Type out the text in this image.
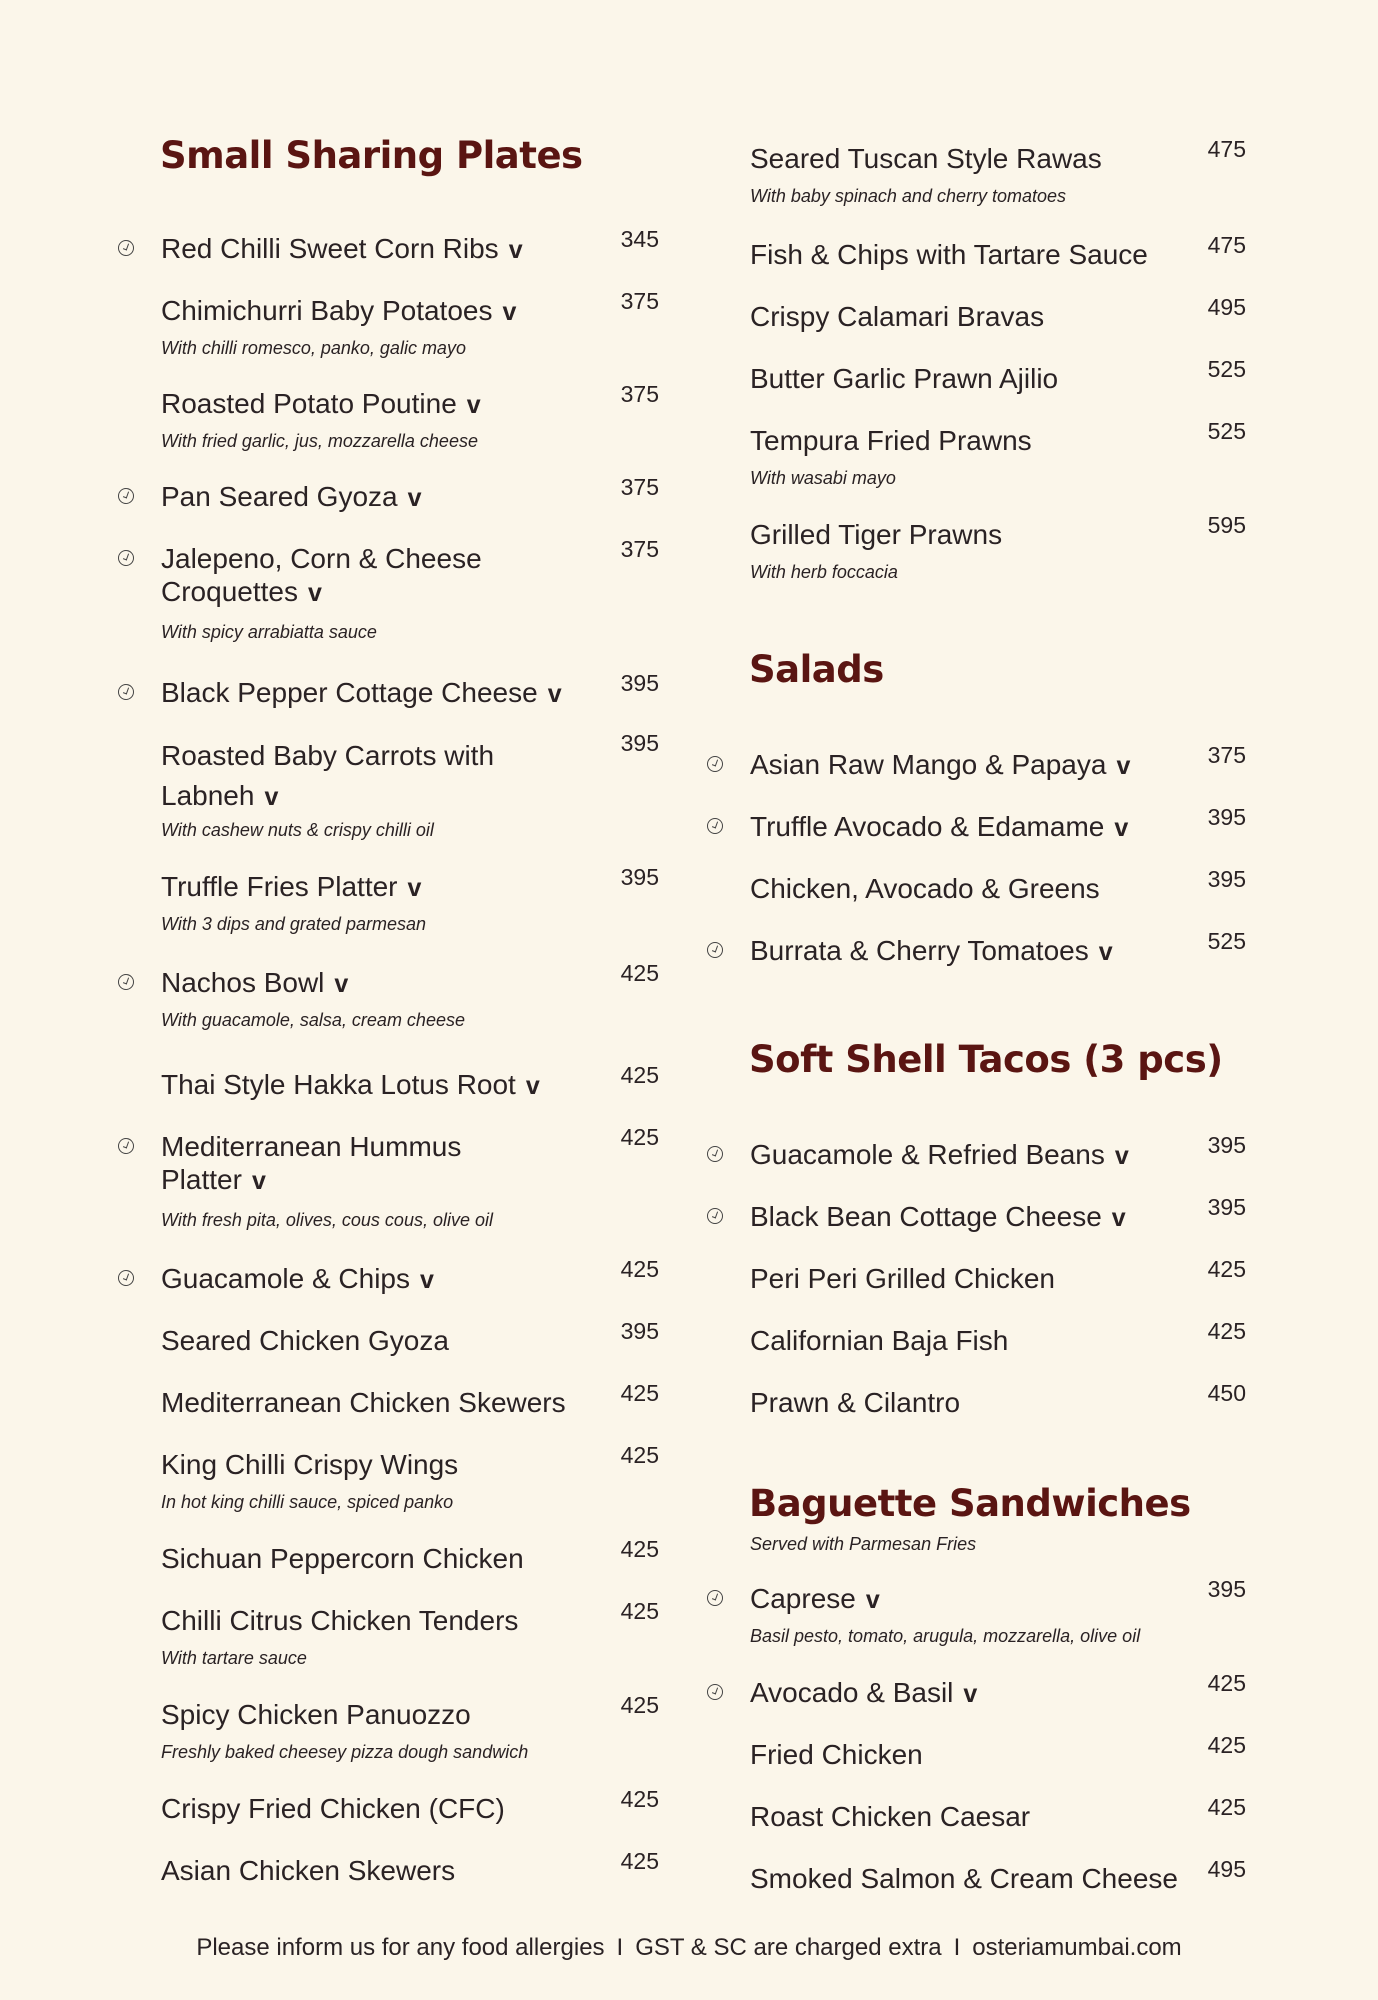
Small Sharing Plates
Red Chilli Sweet Corn Ribs v	345
Chimichurri Baby Potatoes v	375
With chilli romesco, panko, galic mayo
Roasted Potato Poutine v	375
With fried garlic, jus, mozzarella cheese
Pan Seared Gyoza v	375
Jalepeno, Corn & Cheese Croquettes v
375
With spicy arrabiatta sauce
Black Pepper Cottage Cheese v	395
Roasted Baby Carrots with Labneh v
395
With cashew nuts & crispy chilli oil
Truffle Fries Platter v	395
With 3 dips and grated parmesan
Nachos Bowl v	425
With guacamole, salsa, cream cheese
Thai Style Hakka Lotus Root v	425
Mediterranean Hummus Platter v
425
With fresh pita, olives, cous cous, olive oil
Guacamole & Chips v	425
Seared Chicken Gyoza	395
Mediterranean Chicken Skewers	425
King Chilli Crispy Wings	425
In hot king chilli sauce, spiced panko
Sichuan Peppercorn Chicken	425
Chilli Citrus Chicken Tenders	425
With tartare sauce
Spicy Chicken Panuozzo	425
Freshly baked cheesey pizza dough sandwich
Crispy Fried Chicken (CFC)	425
Asian Chicken Skewers	425
Seared Tuscan Style Rawas	475
With baby spinach and cherry tomatoes
Fish & Chips with Tartare Sauce	475
Crispy Calamari Bravas	495
Butter Garlic Prawn Ajilio	525
Tempura Fried Prawns	525
With wasabi mayo
Grilled Tiger Prawns	595
With herb foccacia
Salads
Asian Raw Mango & Papaya v	375
Truffle Avocado & Edamame v	395
Chicken, Avocado & Greens	395
Burrata & Cherry Tomatoes v	525
Soft Shell Tacos (3 pcs)
Guacamole & Refried Beans v	395
Black Bean Cottage Cheese v	395
Peri Peri Grilled Chicken	425
Californian Baja Fish	425
Prawn & Cilantro	450
Baguette Sandwiches
Served with Parmesan Fries
Caprese v	395
Basil pesto, tomato, arugula, mozzarella, olive oil
Avocado & Basil v	425
Fried Chicken	425
Roast Chicken Caesar	425
Smoked Salmon & Cream Cheese 495
Please inform us for any food allergies I GST & SC are charged extra I osteriamumbai.com
